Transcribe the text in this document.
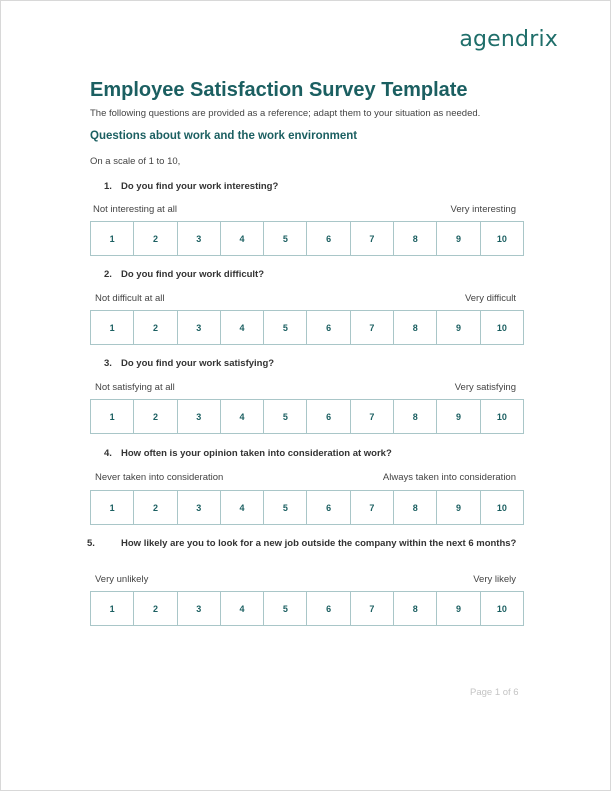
agendrix
Employee Satisfaction Survey Template
The following questions are provided as a reference; adapt them to your situation as needed.
Questions about work and the work environment
On a scale of 1 to 10,
1. Do you find your work interesting?
Not interesting at all	Very interesting
1	2	3	4	5	6	7	8	9	10
2. Do you find your work difficult?
Not difficult at all	Very difficult
1	2	3	4	5	6	7	8	9	10
3. Do you find your work satisfying?
Not satisfying at all	Very satisfying
1	2	3	4	5	6	7	8	9	10
4. How often is your opinion taken into consideration at work?
Never taken into consideration	Always taken into consideration
1	2	3	4	5	6	7	8	9	10
5.	How likely are you to look for a new job outside the company within the next 6 months?
Very unlikely	Very likely
1	2	3	4	5	6	7	8	9	10
Page 1 of 6
